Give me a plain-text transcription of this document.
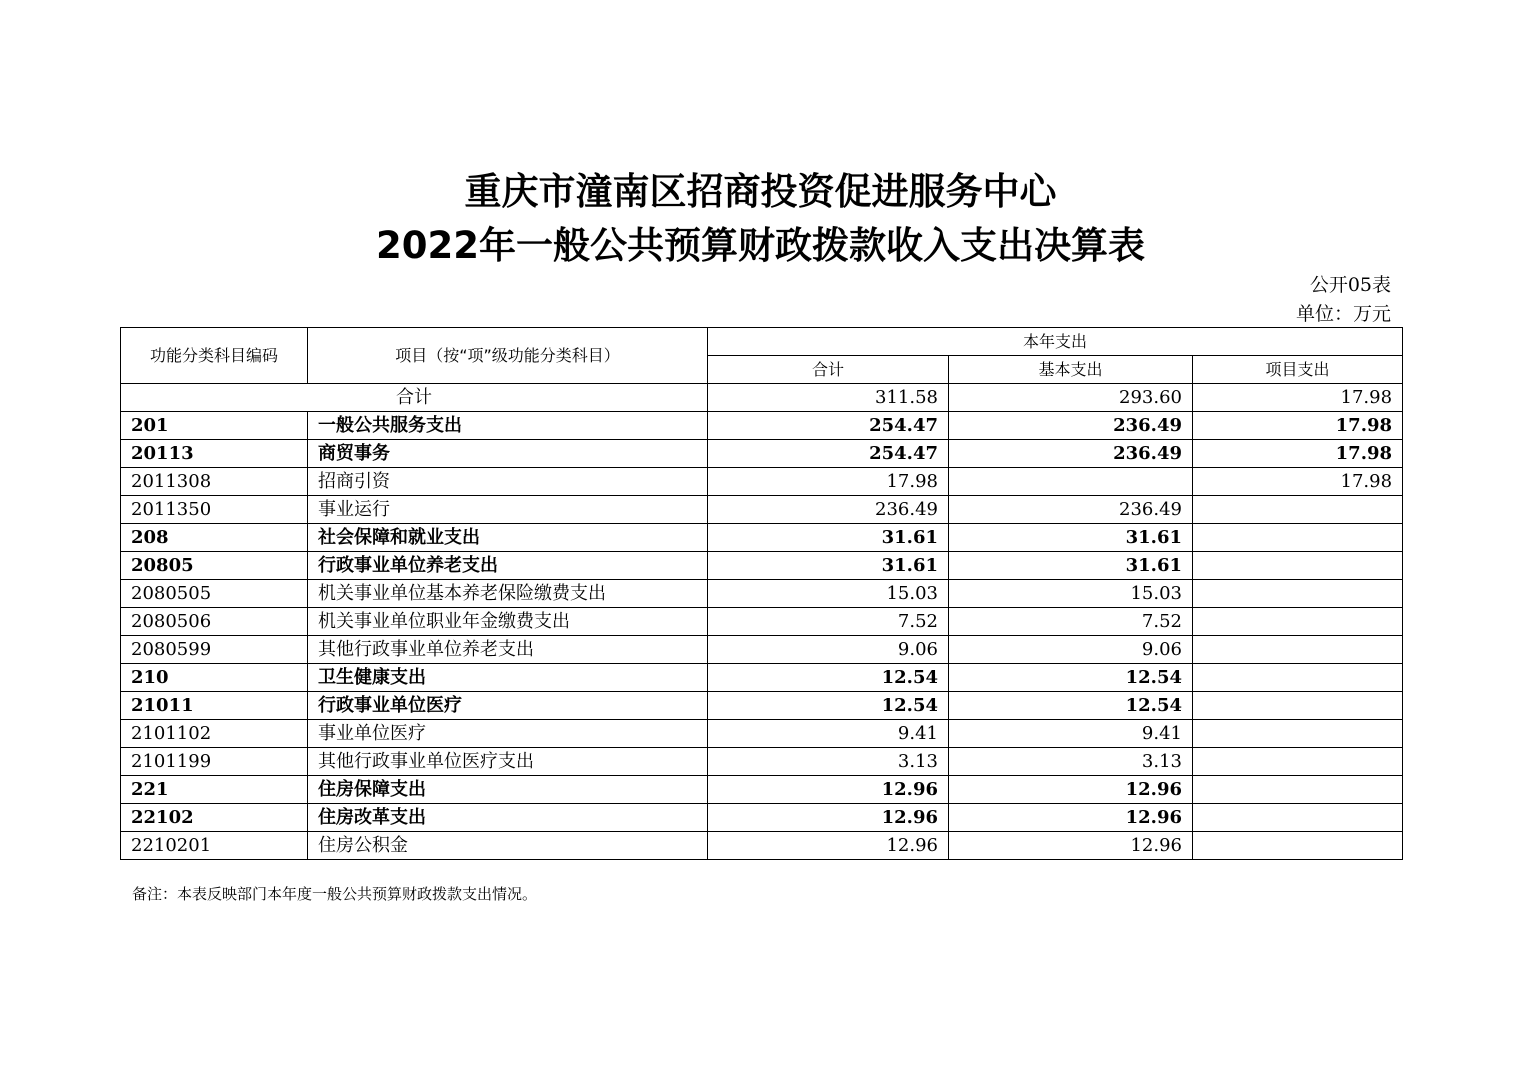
重庆市潼南区招商投资促进服务中心
2022年一般公共预算财政拨款收入支出决算表
公开05表
单位：万元
功能分类科目编码	项目（按“项”级功能分类科目）	本年支出		
		合计	基本支出	项目支出
合计		311.58	293.60	17.98
201	一般公共服务支出	254.47	236.49	17.98
20113	商贸事务	254.47	236.49	17.98
2011308	招商引资	17.98		17.98
2011350	事业运行	236.49	236.49	
208	社会保障和就业支出	31.61	31.61	
20805	行政事业单位养老支出	31.61	31.61	
2080505	机关事业单位基本养老保险缴费支出	15.03	15.03	
2080506	机关事业单位职业年金缴费支出	7.52	7.52	
2080599	其他行政事业单位养老支出	9.06	9.06	
210	卫生健康支出	12.54	12.54	
21011	行政事业单位医疗	12.54	12.54	
2101102	事业单位医疗	9.41	9.41	
2101199	其他行政事业单位医疗支出	3.13	3.13	
221	住房保障支出	12.96	12.96	
22102	住房改革支出	12.96	12.96	
2210201	住房公积金	12.96	12.96	
备注：本表反映部门本年度一般公共预算财政拨款支出情况。
